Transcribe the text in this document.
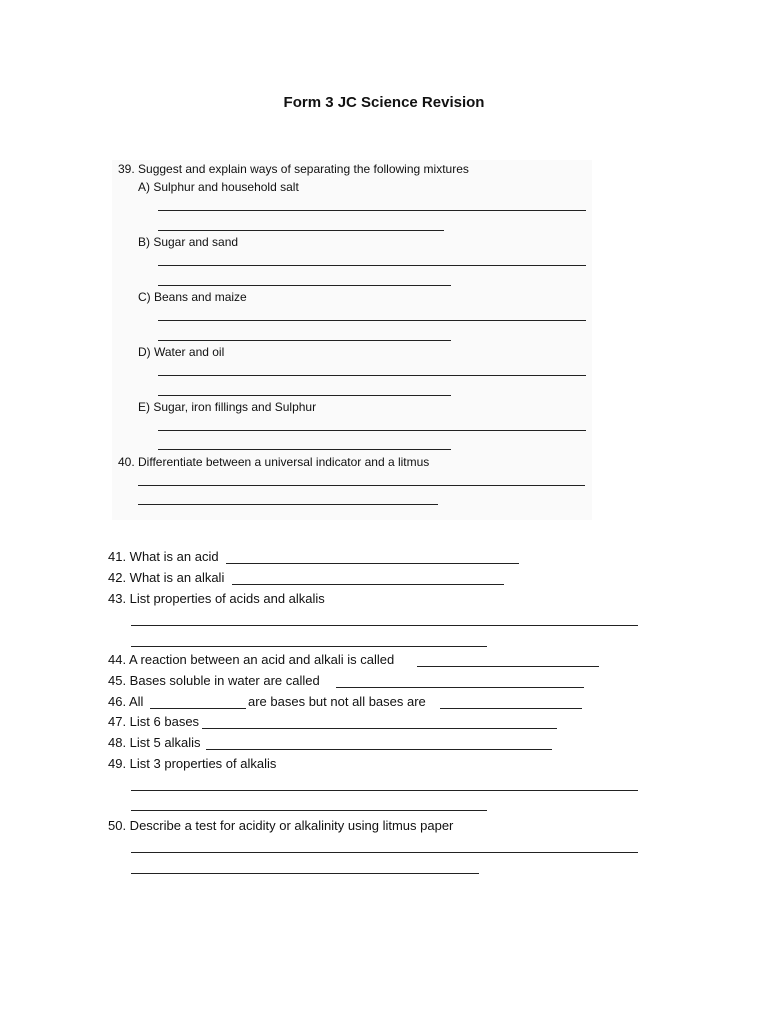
Form 3 JC Science Revision
39. Suggest and explain ways of separating the following mixtures
A) Sulphur and household salt
B) Sugar and sand
C) Beans and maize
D) Water and oil
E) Sugar, iron fillings and Sulphur
40. Differentiate between a universal indicator and a litmus
41. What is an acid
42. What is an alkali
43. List properties of acids and alkalis
44. A reaction between an acid and alkali is called
45. Bases soluble in water are called
46. All	are bases but not all bases are
47. List 6 bases
48. List 5 alkalis
49. List 3 properties of alkalis
50. Describe a test for acidity or alkalinity using litmus paper
